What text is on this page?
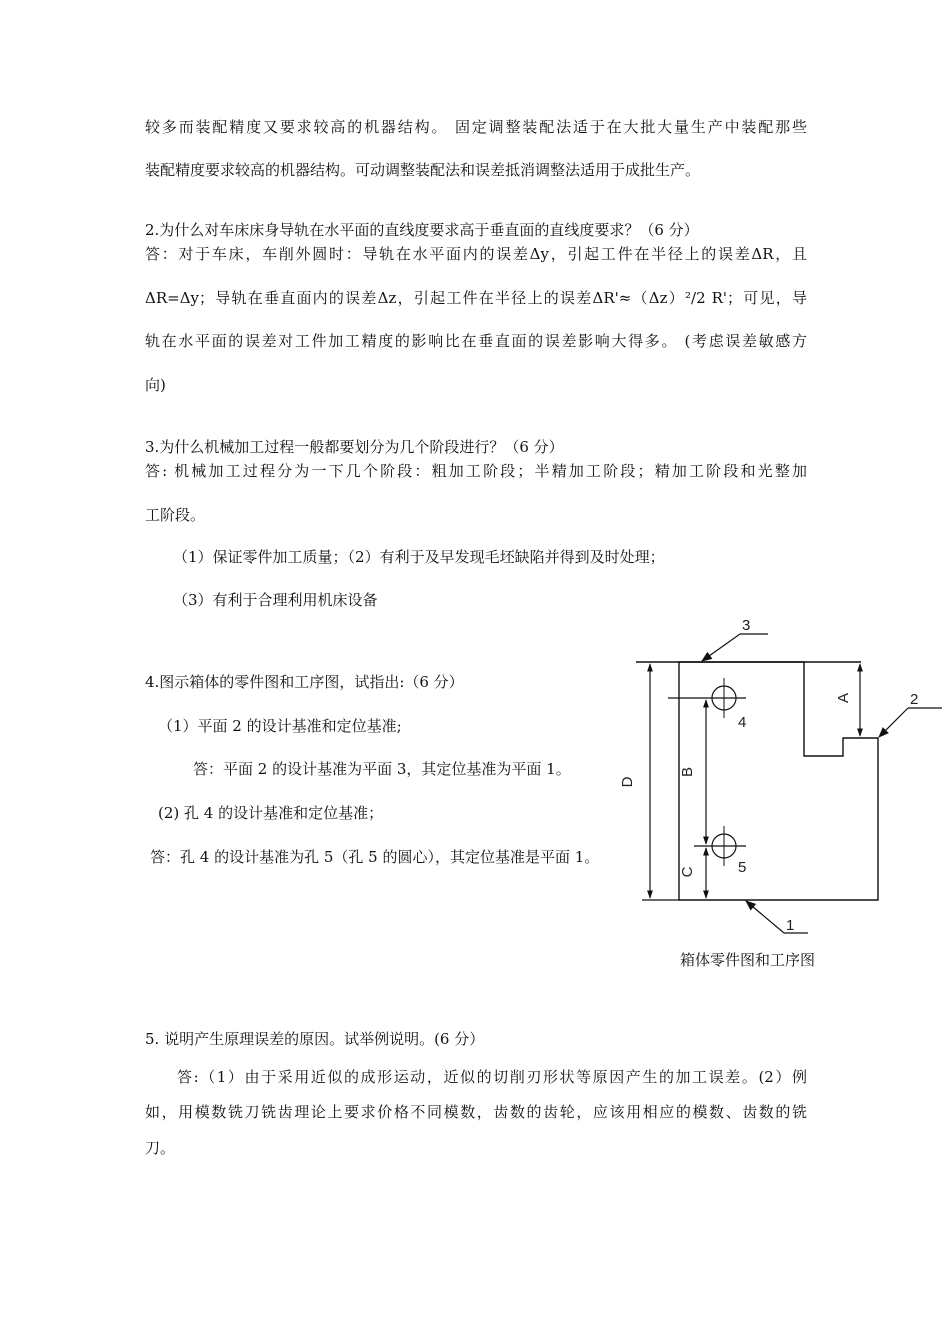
较多而装配精度又要求较高的机器结构。 固定调整装配法适于在大批大量生产中装配那些
装配精度要求较高的机器结构。可动调整装配法和误差抵消调整法适用于成批生产。
2.为什么对车床床身导轨在水平面的直线度要求高于垂直面的直线度要求？（6 分）
答：对于车床，车削外圆时：导轨在水平面内的误差Δy，引起工件在半径上的误差ΔR，且
ΔR=Δy；导轨在垂直面内的误差Δz，引起工件在半径上的误差ΔR'≈（Δz）²/2 R'；可见，导
轨在水平面的误差对工件加工精度的影响比在垂直面的误差影响大得多。 (考虑误差敏感方
向)
3.为什么机械加工过程一般都要划分为几个阶段进行？（6 分）
答: 机械加工过程分为一下几个阶段：粗加工阶段；半精加工阶段；精加工阶段和光整加
工阶段。
（1）保证零件加工质量；（2）有利于及早发现毛坯缺陷并得到及时处理；
（3）有利于合理利用机床设备
4.图示箱体的零件图和工序图，试指出:（6 分）
（1）平面 2 的设计基准和定位基准;
答：平面 2 的设计基准为平面 3，其定位基准为平面 1。
(2) 孔 4 的设计基准和定位基准；
答：孔 4 的设计基准为孔 5（孔 5 的圆心），其定位基准是平面 1。
D
B
C
A
4
5
3
2
1
箱体零件图和工序图
5. 说明产生原理误差的原因。试举例说明。(6 分）
答:（1）由于采用近似的成形运动，近似的切削刃形状等原因产生的加工误差。(2）例
如，用模数铣刀铣齿理论上要求价格不同模数，齿数的齿轮，应该用相应的模数、齿数的铣
刀。
